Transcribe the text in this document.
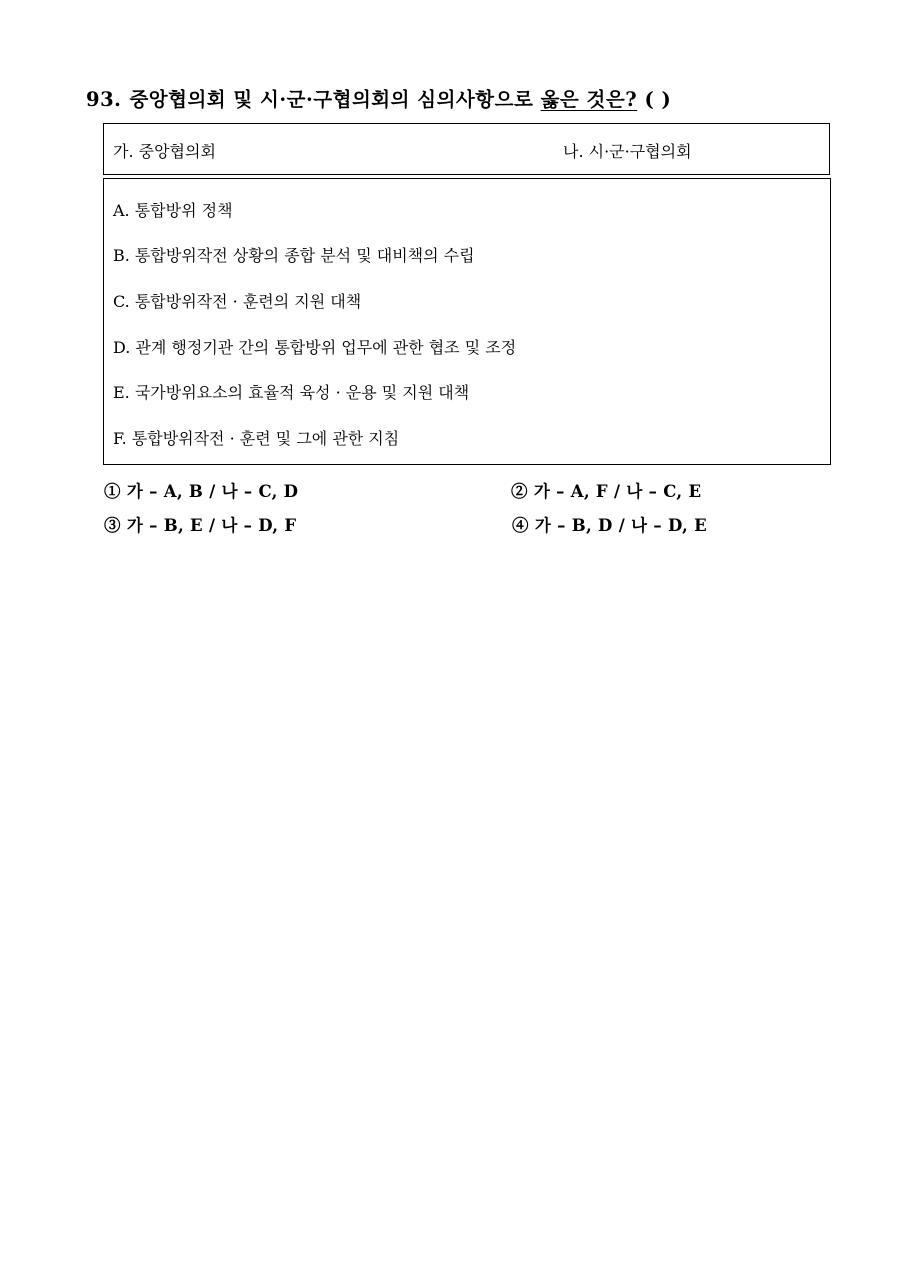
93. 중앙협의회 및 시·군·구협의회의 심의사항으로 옳은 것은? ( )
가. 중앙협의회	나. 시·군·구협의회
A. 통합방위 정책
B. 통합방위작전 상황의 종합 분석 및 대비책의 수립
C. 통합방위작전 · 훈련의 지원 대책
D. 관계 행정기관 간의 통합방위 업무에 관한 협조 및 조정
E. 국가방위요소의 효율적 육성 · 운용 및 지원 대책
F. 통합방위작전 · 훈련 및 그에 관한 지침
① 가 – A, B / 나 – C, D	② 가 – A, F / 나 – C, E
③ 가 – B, E / 나 – D, F	④ 가 – B, D / 나 – D, E
